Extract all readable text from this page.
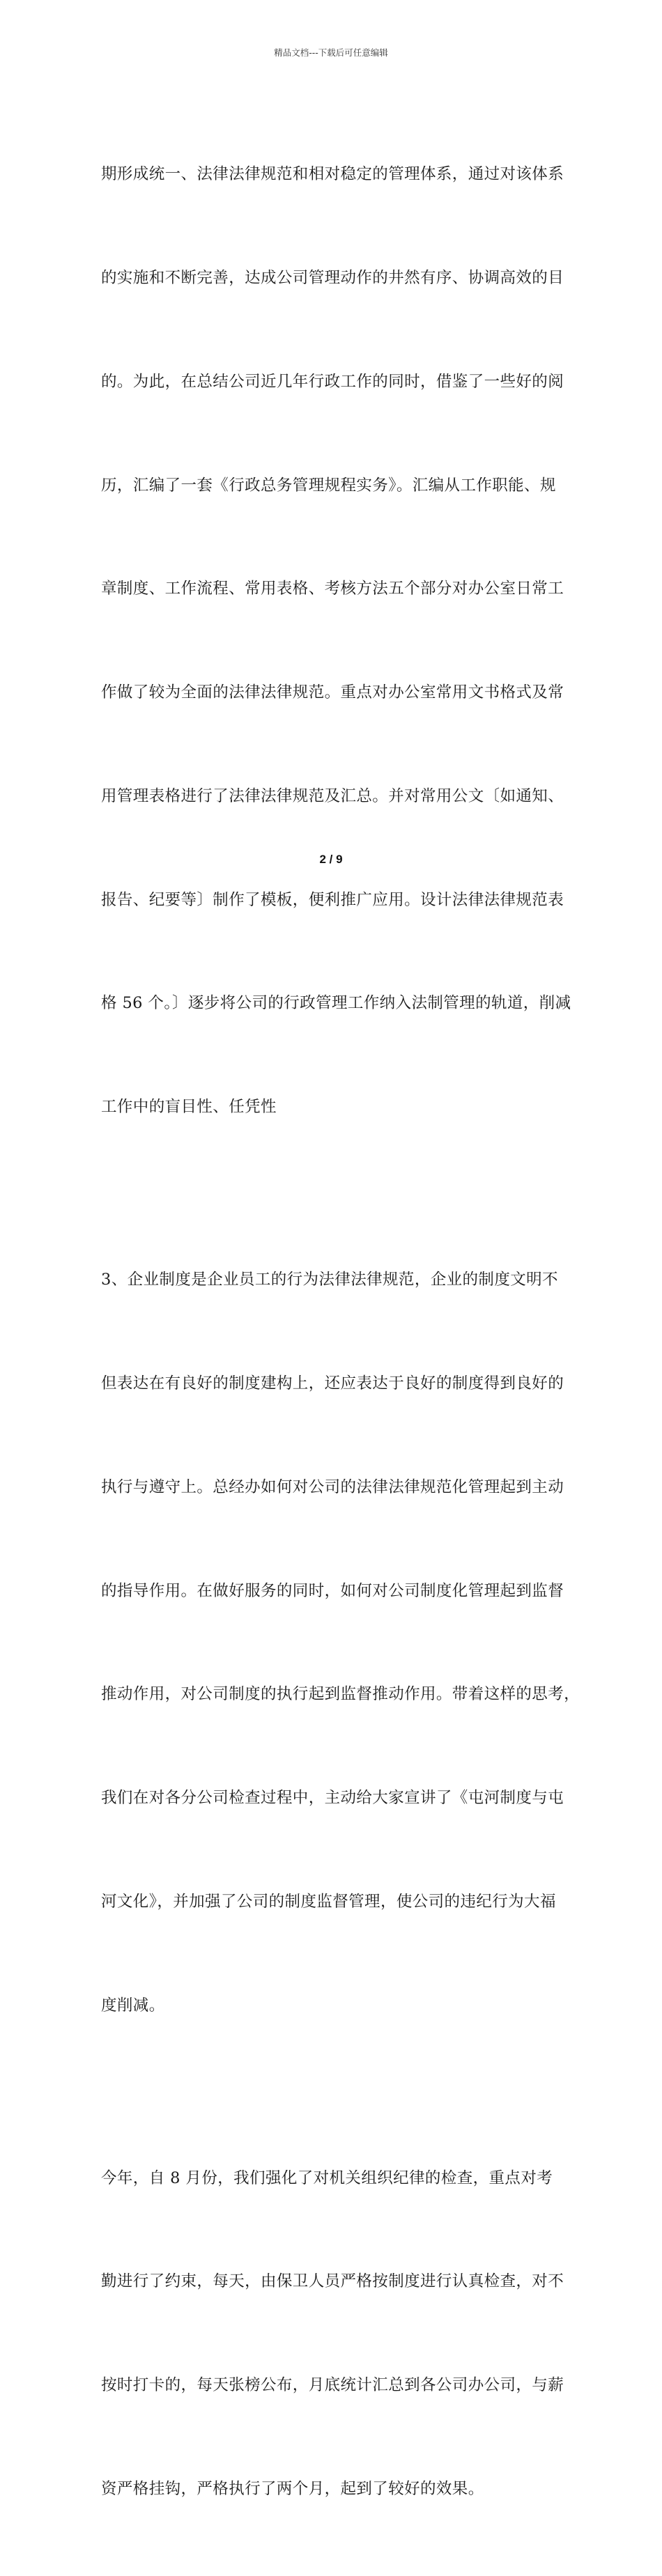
精品文档---下载后可任意编辑

期形成统一、法律法律规范和相对稳定的管理体系，通过对该体系

的实施和不断完善，达成公司管理动作的井然有序、协调高效的目

的。为此，在总结公司近几年行政工作的同时，借鉴了一些好的阅

历，汇编了一套《行政总务管理规程实务》。汇编从工作职能、规

章制度、工作流程、常用表格、考核方法五个部分对办公室日常工

作做了较为全面的法律法律规范。重点对办公室常用文书格式及常

用管理表格进行了法律法律规范及汇总。并对常用公文〔如通知、

报告、纪要等〕制作了模板，便利推广应用。设计法律法律规范表

格 56 个。〕逐步将公司的行政管理工作纳入法制管理的轨道，削减

工作中的盲目性、任凭性

3、企业制度是企业员工的行为法律法律规范，企业的制度文明不

但表达在有良好的制度建构上，还应表达于良好的制度得到良好的

执行与遵守上。总经办如何对公司的法律法律规范化管理起到主动

的指导作用。在做好服务的同时，如何对公司制度化管理起到监督

推动作用，对公司制度的执行起到监督推动作用。带着这样的思考，

我们在对各分公司检查过程中，主动给大家宣讲了《屯河制度与屯

河文化》，并加强了公司的制度监督管理，使公司的违纪行为大福

度削减。

今年，自 8 月份，我们强化了对机关组织纪律的检查，重点对考

勤进行了约束，每天，由保卫人员严格按制度进行认真检查，对不

按时打卡的，每天张榜公布，月底统计汇总到各公司办公司，与薪

资严格挂钩，严格执行了两个月，起到了较好的效果。

2 / 9
